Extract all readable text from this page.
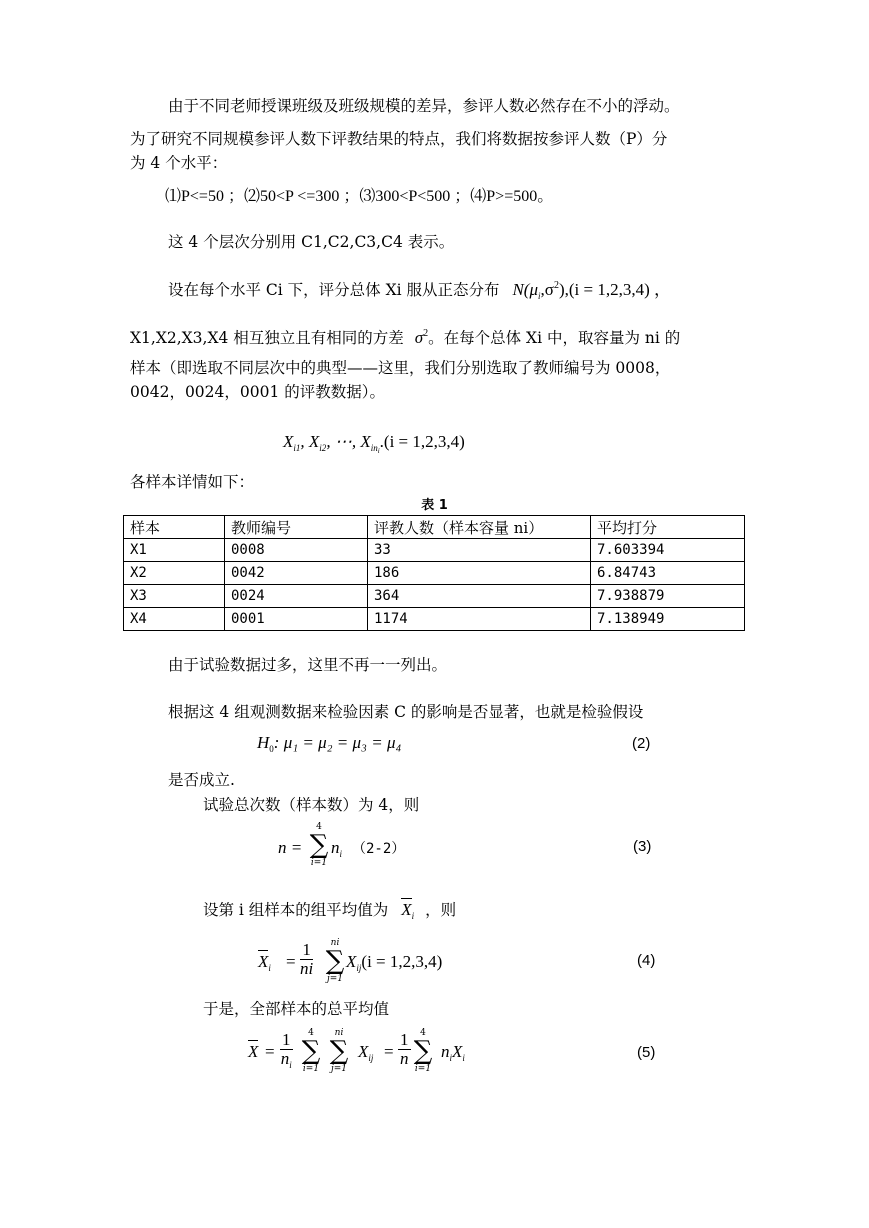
由于不同老师授课班级及班级规模的差异，参评人数必然存在不小的浮动。
为了研究不同规模参评人数下评教结果的特点，我们将数据按参评人数（P）分
为 4 个水平：
⑴P<=50 ；⑵50<P <=300 ；⑶300<P<500 ；⑷P>=500。
这 4 个层次分别用 C1,C2,C3,C4 表示。
设在每个水平 Ci 下，评分总体 Xi 服从正态分布 $N(\mu_i,\sigma^2),(i = 1,2,3,4)$ ，
X1,X2,X3,X4 相互独立且有相同的方差 $\sigma^2$。在每个总体 Xi 中，取容量为 ni 的
样本（即选取不同层次中的典型——这里，我们分别选取了教师编号为 0008，
0042，0024，0001 的评教数据）。
$X_{i1}$, $X_{i2}$, ⋯, $X_{ini}.(i = 1,2,3,4)$
各样本详情如下：
表 1
样本	教师编号	评教人数（样本容量 ni）	平均打分
X1	0008	33	7.603394
X2	0042	186	6.84743
X3	0024	364	7.938879
X4	0001	1174	7.138949
由于试验数据过多，这里不再一一列出。
根据这 4 组观测数据来检验因素 C 的影响是否显著，也就是检验假设
$H_0$: μ₁ = μ₂ = μ₃ = μ₄	(2)
是否成立.
试验总次数（样本数）为 4，则
n =
4
∑
i=1
$n_i$ （2-2）	(3)
设第 i 组样本的组平均值为 $X_i$ ，则
$X_i = \frac{1}{ni}$	ni
∑
j=1
$X_{ij}(i = 1,2,3,4)$	(4)
于是，全部样本的总平均值
$X = \frac{1}{n_i}$	4
∑
i=1
ni
∑
j=1
$X_{ij} = \frac{1}{n}$	4
∑
i=1
$n_iX_i$	(5)
